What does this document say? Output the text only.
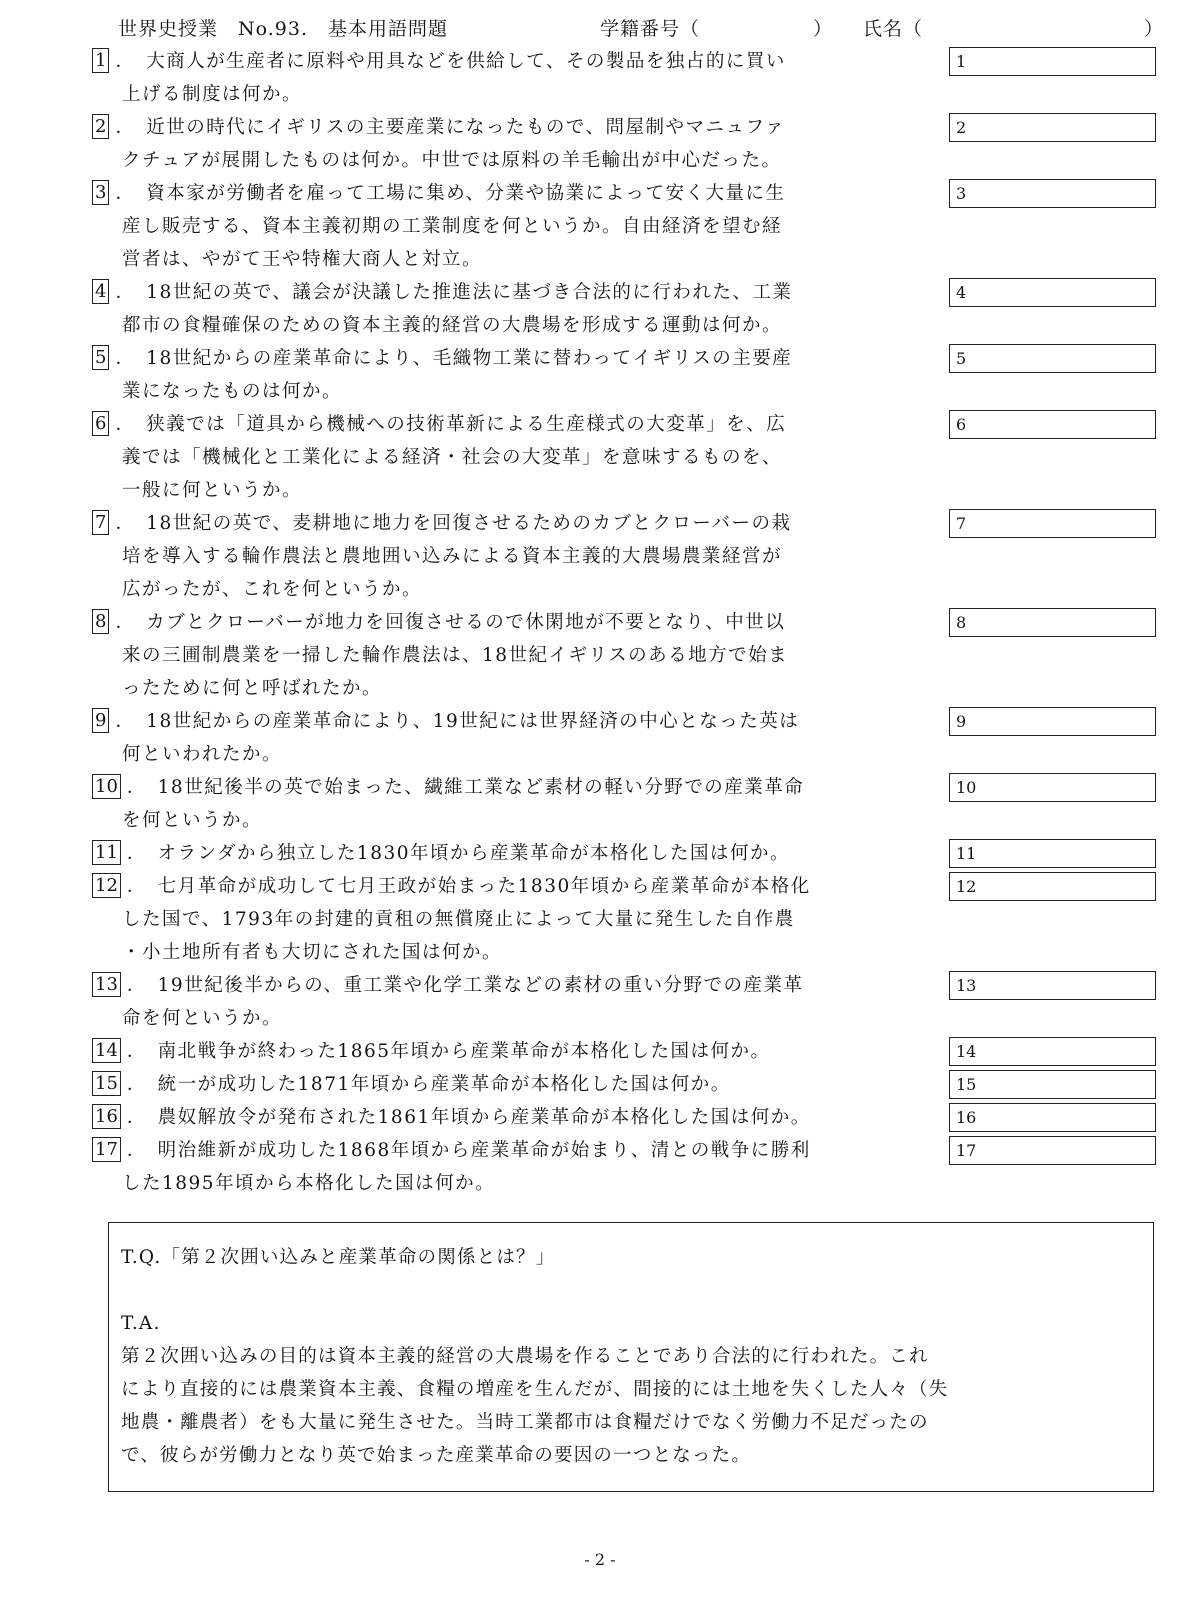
世界史授業　No.93.　基本用語問題	学籍番号（	） 氏名（	）
1 ．　大商人が生産者に原料や用具などを供給して、その製品を独占的に買い
上げる制度は何か。
1
2 ．　近世の時代にイギリスの主要産業になったもので、問屋制やマニュファ
クチュアが展開したものは何か。中世では原料の羊毛輸出が中心だった。
2
3 ．　資本家が労働者を雇って工場に集め、分業や協業によって安く大量に生
産し販売する、資本主義初期の工業制度を何というか。自由経済を望む経
営者は、やがて王や特権大商人と対立。
3
4 ．　18世紀の英で、議会が決議した推進法に基づき合法的に行われた、工業
都市の食糧確保のための資本主義的経営の大農場を形成する運動は何か。
4
5 ．　18世紀からの産業革命により、毛織物工業に替わってイギリスの主要産
業になったものは何か。
5
6 ．　狭義では「道具から機械への技術革新による生産様式の大変革」を、広
義では「機械化と工業化による経済・社会の大変革」を意味するものを、
一般に何というか。
6
7 ．　18世紀の英で、麦耕地に地力を回復させるためのカブとクローバーの栽
培を導入する輪作農法と農地囲い込みによる資本主義的大農場農業経営が
広がったが、これを何というか。
7
8 ．　カブとクローバーが地力を回復させるので休閑地が不要となり、中世以
来の三圃制農業を一掃した輪作農法は、18世紀イギリスのある地方で始ま
ったために何と呼ばれたか。
8
9 ．　18世紀からの産業革命により、19世紀には世界経済の中心となった英は
何といわれたか。
9
10 ．　18世紀後半の英で始まった、繊維工業など素材の軽い分野での産業革命
を何というか。
10
11 ．　オランダから独立した1830年頃から産業革命が本格化した国は何か。	11
12 ．　七月革命が成功して七月王政が始まった1830年頃から産業革命が本格化
した国で、1793年の封建的貢租の無償廃止によって大量に発生した自作農
・小土地所有者も大切にされた国は何か。
12
13 ．　19世紀後半からの、重工業や化学工業などの素材の重い分野での産業革
命を何というか。
13
14 ．　南北戦争が終わった1865年頃から産業革命が本格化した国は何か。	14
15 ．　統一が成功した1871年頃から産業革命が本格化した国は何か。	15
16 ．　農奴解放令が発布された1861年頃から産業革命が本格化した国は何か。	16
17 ．　明治維新が成功した1868年頃から産業革命が始まり、清との戦争に勝利
した1895年頃から本格化した国は何か。
17
T.Q.「第２次囲い込みと産業革命の関係とは？」
T.A.
第２次囲い込みの目的は資本主義的経営の大農場を作ることであり合法的に行われた。これ
により直接的には農業資本主義、食糧の増産を生んだが、間接的には土地を失くした人々（失
地農・離農者）をも大量に発生させた。当時工業都市は食糧だけでなく労働力不足だったの
で、彼らが労働力となり英で始まった産業革命の要因の一つとなった。
- 2 -
